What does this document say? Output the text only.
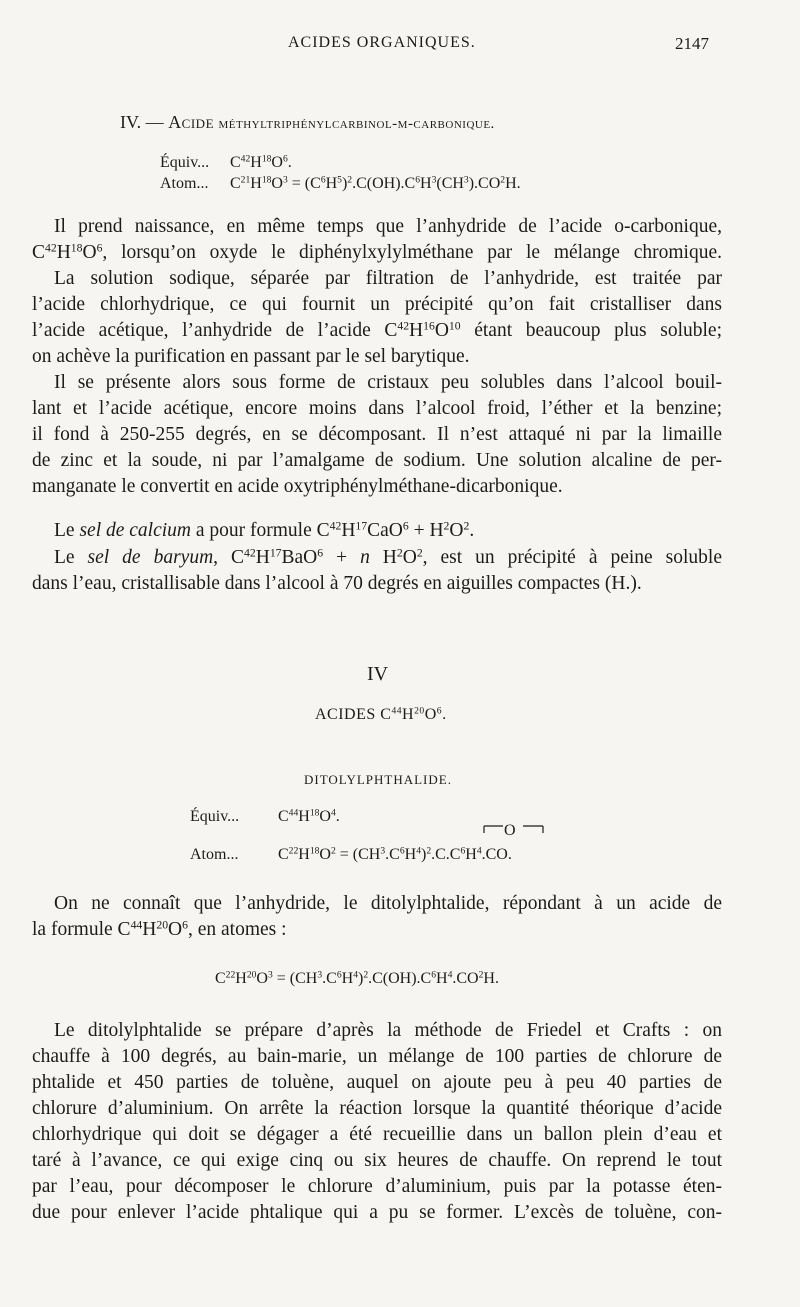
ACIDES ORGANIQUES.	2147
IV. — Acide méthyltriphénylcarbinol-m-carbonique.
Équiv... $C^{42}H^{18}O^6$.
Atom... $C^{21}H^{18}O^3 = (C^6H^5)^2.C(OH).C^6H^3(CH^3).CO^2H$.
Il prend naissance, en même temps que l’anhydride de l’acide o-carbonique,
$C^{42}H^{18}O^6$, lorsqu’on oxyde le diphénylxylylméthane par le mélange chromique.
La solution sodique, séparée par filtration de l’anhydride, est traitée par
l’acide chlorhydrique, ce qui fournit un précipité qu’on fait cristalliser dans
l’acide acétique, l’anhydride de l’acide $C^{42}H^{16}O^{10}$ étant beaucoup plus soluble;
on achève la purification en passant par le sel barytique.
Il se présente alors sous forme de cristaux peu solubles dans l’alcool bouil-
lant et l’acide acétique, encore moins dans l’alcool froid, l’éther et la benzine;
il fond à 250-255 degrés, en se décomposant. Il n’est attaqué ni par la limaille
de zinc et la soude, ni par l’amalgame de sodium. Une solution alcaline de per-
manganate le convertit en acide oxytriphénylméthane-dicarbonique.
Le sel de calcium a pour formule $C^{42}H^{17}CaO^6 + H^2O^2$.
Le sel de baryum, $C^{42}H^{17}BaO^6 + n$ $H^2O^2$, est un précipité à peine soluble
dans l’eau, cristallisable dans l’alcool à 70 degrés en aiguilles compactes (H.).
IV
ACIDES $C^{44}H^{20}O^6$.
DITOLYLPHTHALIDE.
Équiv... $C^{44}H^{18}O^4$.
O
Atom... $C^{22}H^{18}O^2 = (CH^3.C^6H^4)^2.C.C^6H^4.CO$.
On ne connaît que l’anhydride, le ditolylphtalide, répondant à un acide de
la formule $C^{44}H^{20}O^6$, en atomes :
$C^{22}H^{20}O^3 = (CH^3.C^6H^4)^2.C(OH).C^6H^4.CO^2H$.
Le ditolylphtalide se prépare d’après la méthode de Friedel et Crafts : on
chauffe à 100 degrés, au bain-marie, un mélange de 100 parties de chlorure de
phtalide et 450 parties de toluène, auquel on ajoute peu à peu 40 parties de
chlorure d’aluminium. On arrête la réaction lorsque la quantité théorique d’acide
chlorhydrique qui doit se dégager a été recueillie dans un ballon plein d’eau et
taré à l’avance, ce qui exige cinq ou six heures de chauffe. On reprend le tout
par l’eau, pour décomposer le chlorure d’aluminium, puis par la potasse éten-
due pour enlever l’acide phtalique qui a pu se former. L’excès de toluène, con-
